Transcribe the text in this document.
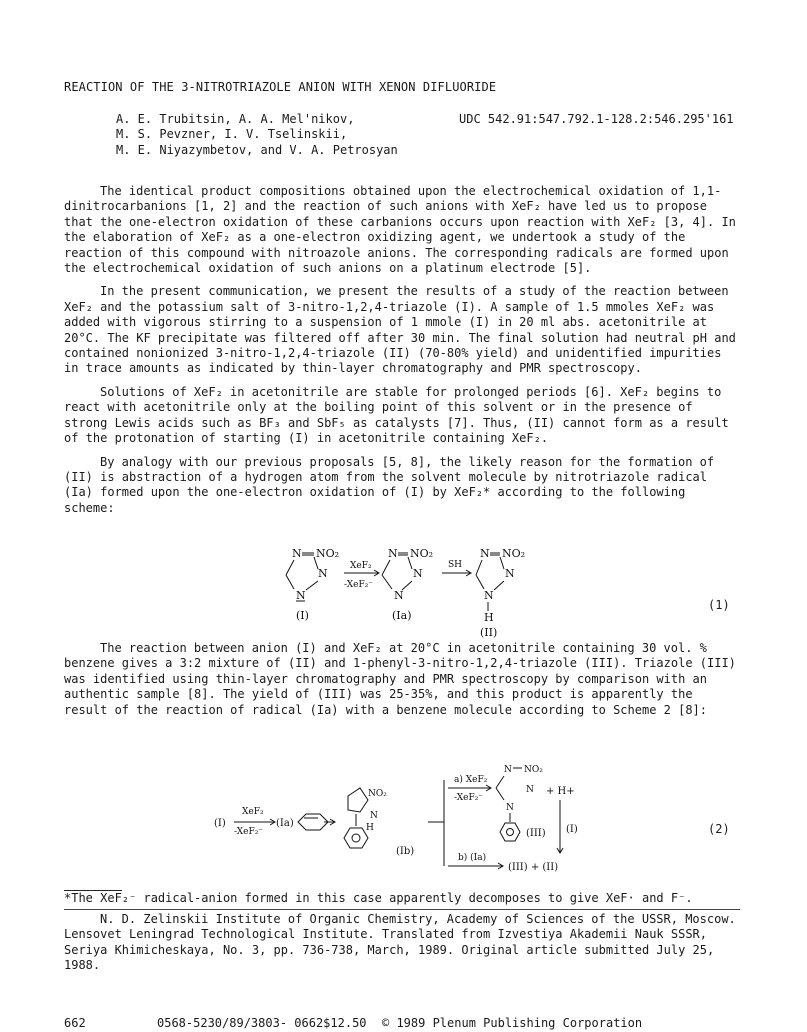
REACTION OF THE 3-NITROTRIAZOLE ANION WITH XENON DIFLUORIDE
A. E. Trubitsin, A. A. Mel'nikov,
M. S. Pevzner, I. V. Tselinskii,
M. E. Niyazymbetov, and V. A. Petrosyan
UDC 542.91:547.792.1-128.2:546.295'161

The identical product compositions obtained upon the electrochemical oxidation of 1,1-dinitrocarbanions [1, 2] and the reaction of such anions with XeF₂ have led us to propose that the one-electron oxidation of these carbanions occurs upon reaction with XeF₂ [3, 4]. In the elaboration of XeF₂ as a one-electron oxidizing agent, we undertook a study of the reaction of this compound with nitroazole anions. The corresponding radicals are formed upon the electrochemical oxidation of such anions on a platinum electrode [5].

In the present communication, we present the results of a study of the reaction between XeF₂ and the potassium salt of 3-nitro-1,2,4-triazole (I). A sample of 1.5 mmoles XeF₂ was added with vigorous stirring to a suspension of 1 mmole (I) in 20 ml abs. acetonitrile at 20°C. The KF precipitate was filtered off after 30 min. The final solution had neutral pH and contained nonionized 3-nitro-1,2,4-triazole (II) (70-80% yield) and unidentified impurities in trace amounts as indicated by thin-layer chromatography and PMR spectroscopy.

Solutions of XeF₂ in acetonitrile are stable for prolonged periods [6]. XeF₂ begins to react with acetonitrile only at the boiling point of this solvent or in the presence of strong Lewis acids such as BF₃ and SbF₅ as catalysts [7]. Thus, (II) cannot form as a result of the protonation of starting (I) in acetonitrile containing XeF₂.

By analogy with our previous proposals [5, 8], the likely reason for the formation of (II) is abstraction of a hydrogen atom from the solvent molecule by nitrotriazole radical (Ia) formed upon the one-electron oxidation of (I) by XeF₂* according to the following scheme:

N NO₂
N
N
(I)
XeF₂
-XeF₂⁻
N NO₂
N
N
(Ia)
SH
N NO₂
N
N
H
(II)
(1)

The reaction between anion (I) and XeF₂ at 20°C in acetonitrile containing 30 vol. % benzene gives a 3:2 mixture of (II) and 1-phenyl-3-nitro-1,2,4-triazole (III). Triazole (III) was identified using thin-layer chromatography and PMR spectroscopy by comparison with an authentic sample [8]. The yield of (III) was 25-35%, and this product is apparently the result of the reaction of radical (Ia) with a benzene molecule according to Scheme 2 [8]:

(I)
XeF₂
-XeF₂⁻
(Ia)
NO₂
N
H
(Ib)
a) XeF₂
-XeF₂⁻
N NO₂
N
N
(III)
+ H+
(I)
b) (Ia)
(III) + (II)
(2)
*The XeF₂⁻ radical-anion formed in this case apparently decomposes to give XeF· and F⁻.

N. D. Zelinskii Institute of Organic Chemistry, Academy of Sciences of the USSR, Moscow. Lensovet Leningrad Technological Institute. Translated from Izvestiya Akademii Nauk SSSR, Seriya Khimicheskaya, No. 3, pp. 736-738, March, 1989. Original article submitted July 25, 1988.

662	0568-5230/89/3803- 0662$12.50 © 1989 Plenum Publishing Corporation
